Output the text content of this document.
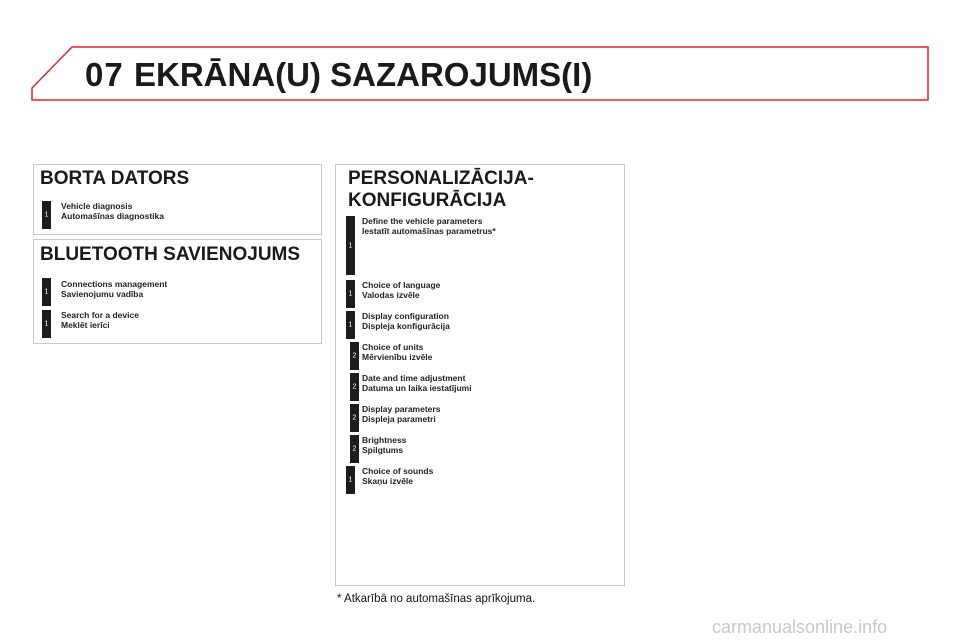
07 EKRĀNA(U) SAZAROJUMS(I)
BORTA DATORS
1
Vehicle diagnosis
Automašīnas diagnostika
BLUETOOTH SAVIENOJUMS
1
Connections management
Savienojumu vadība
1
Search for a device
Meklēt ierīci
PERSONALIZĀCIJA-
KONFIGURĀCIJA
1
Define the vehicle parameters
Iestatīt automašīnas parametrus*
1
Choice of language
Valodas izvēle
1
Display configuration
Displeja konfigurācija
2
Choice of units
Mērvienību izvēle
2
Date and time adjustment
Datuma un laika iestatījumi
2
Display parameters
Displeja parametri
2
Brightness
Spilgtums
1
Choice of sounds
Skaņu izvēle
* Atkarībā no automašīnas aprīkojuma.
carmanualsonline.info
